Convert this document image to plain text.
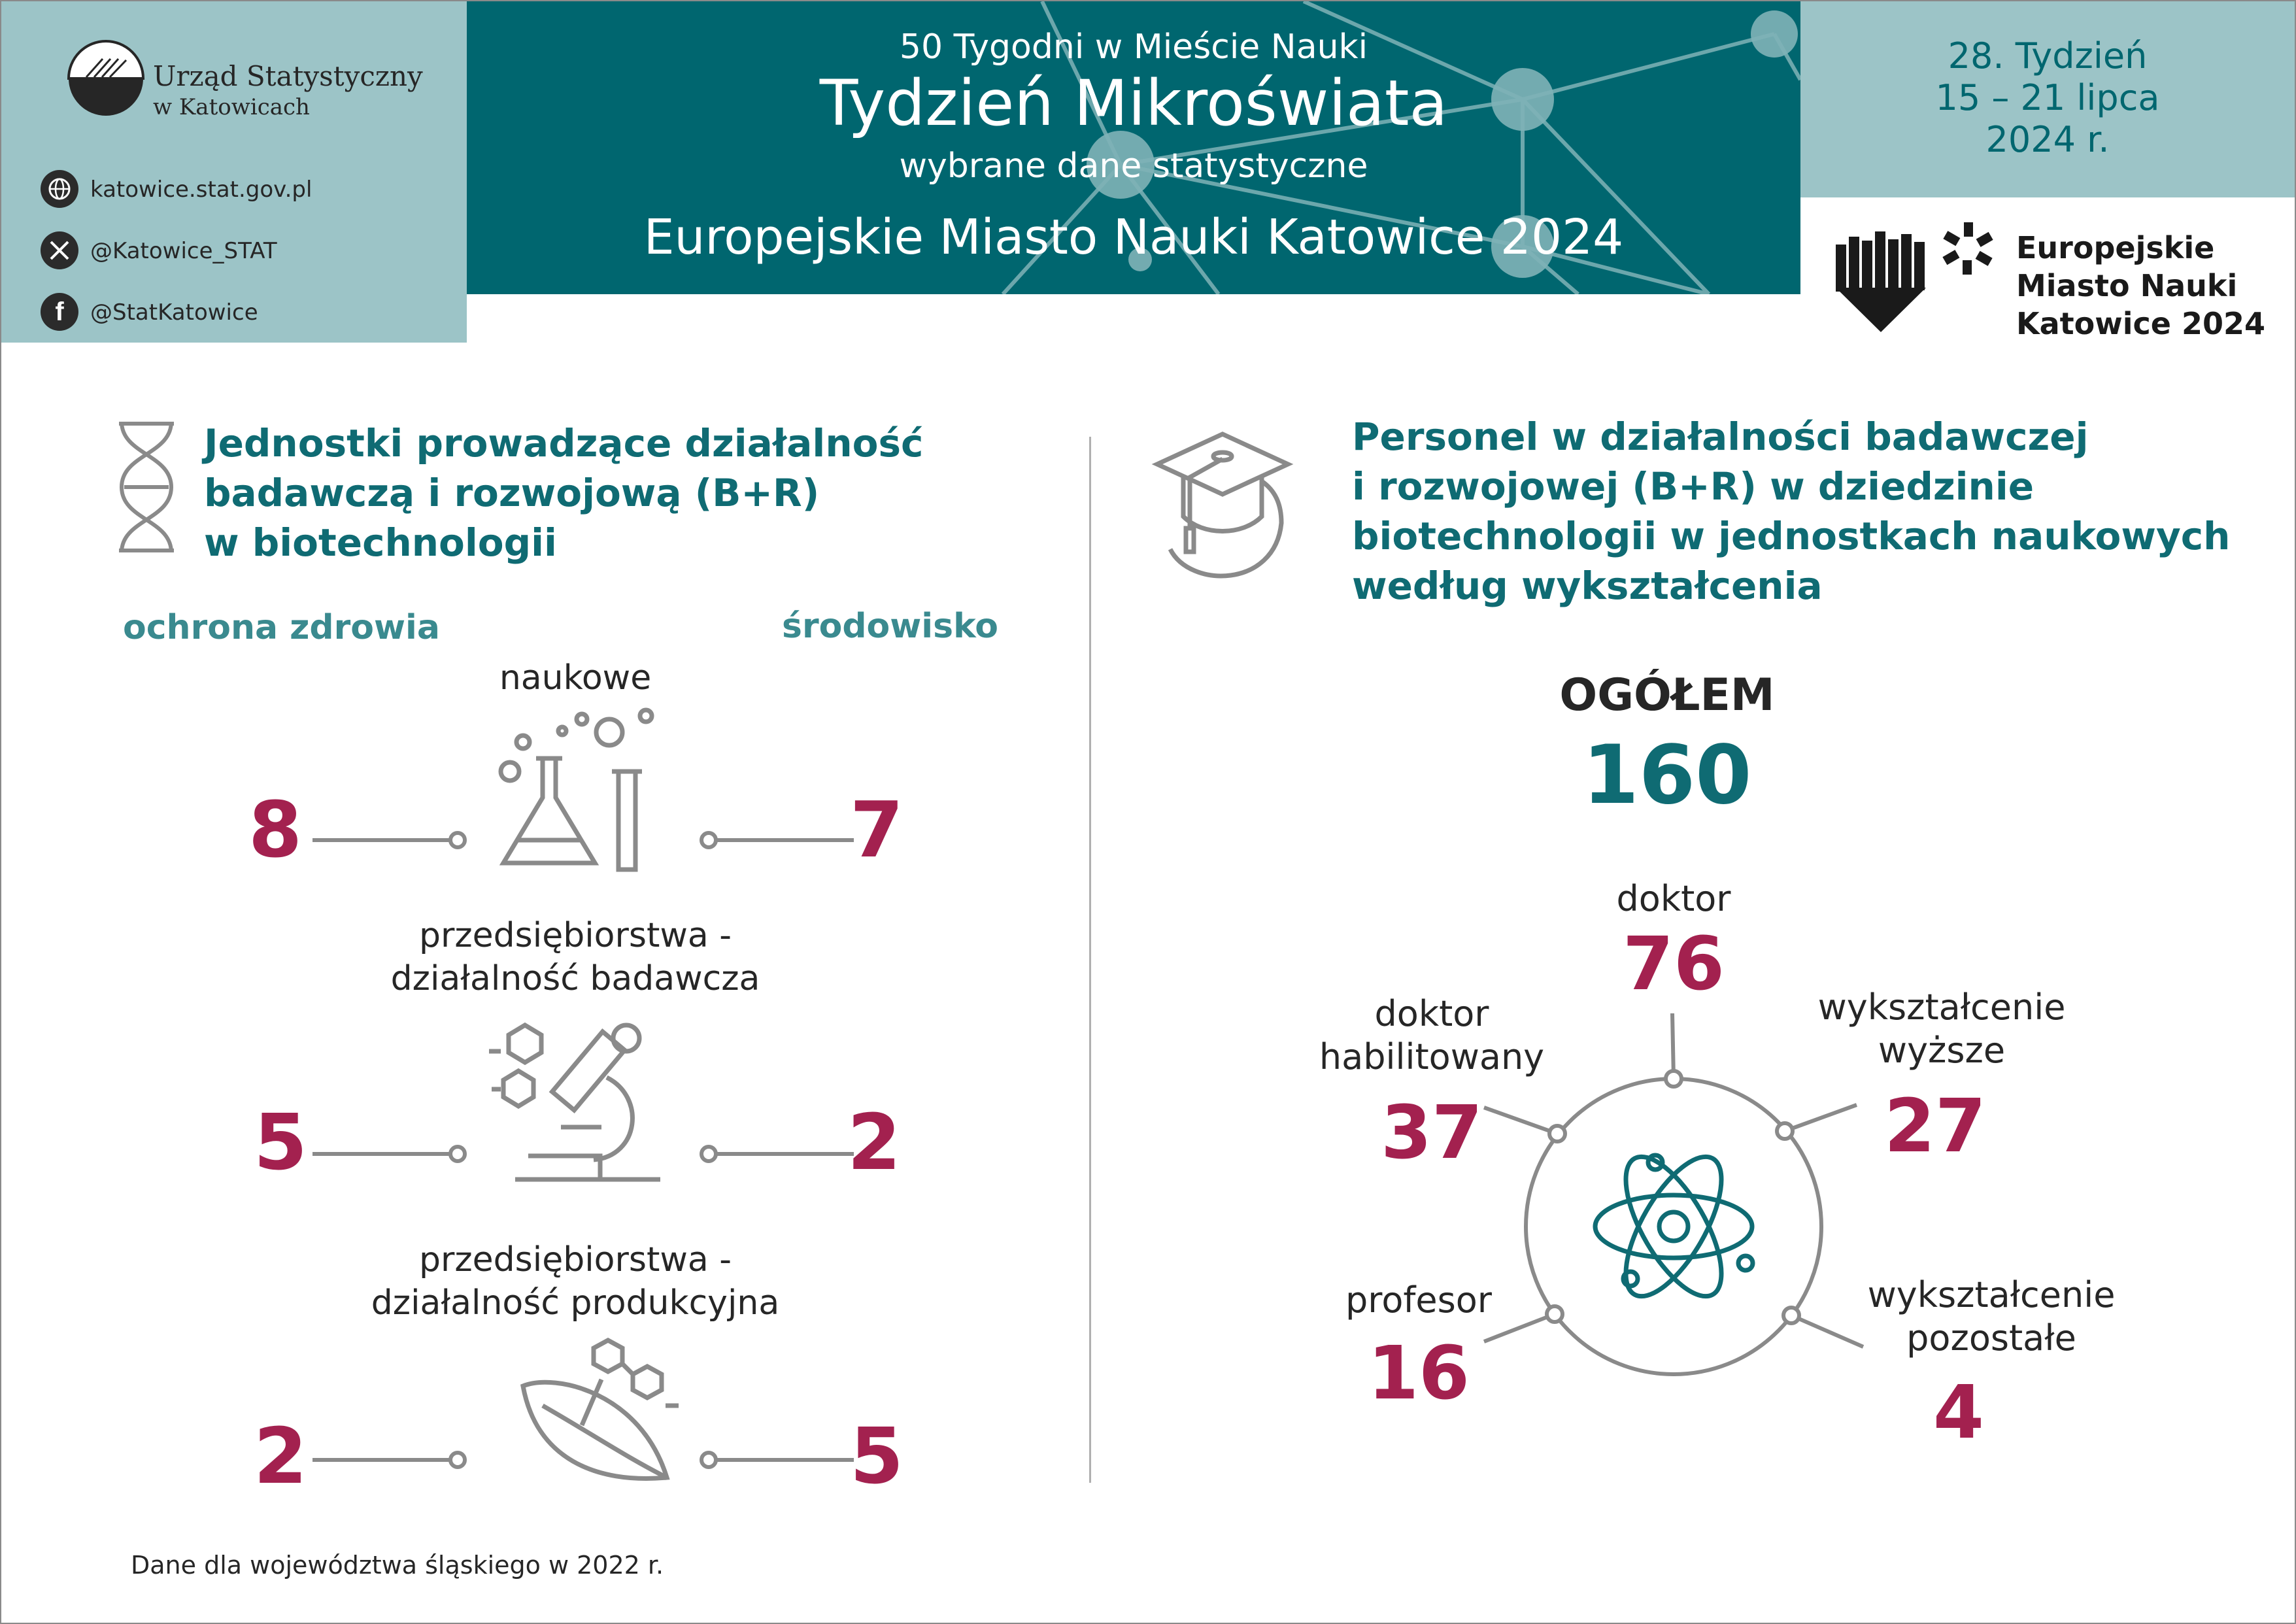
Urząd Statystyczny
w Katowicach
katowice.stat.gov.pl
@Katowice_STAT
f @StatKatowice
50 Tygodni w Mieście Nauki
Tydzień Mikroświata
wybrane dane statystyczne
Europejskie Miasto Nauki Katowice 2024
28. Tydzień
15 – 21 lipca
2024 r.
Europejskie
Miasto Nauki
Katowice 2024
Jednostki prowadzące działalność
badawczą i rozwojową (B+R)
w biotechnologii
ochrona zdrowia	środowisko
naukowe
8	7
przedsiębiorstwa -
działalność badawcza
5	2
przedsiębiorstwa -
działalność produkcyjna
2	5
Dane dla województwa śląskiego w 2022 r.
Personel w działalności badawczej
i rozwojowej (B+R) w dziedzinie
biotechnologii w jednostkach naukowych
według wykształcenia
OGÓŁEM
160
doktor
76
doktor
habilitowany
37
wykształcenie
wyższe
27
profesor
16
wykształcenie
pozostałe
4
